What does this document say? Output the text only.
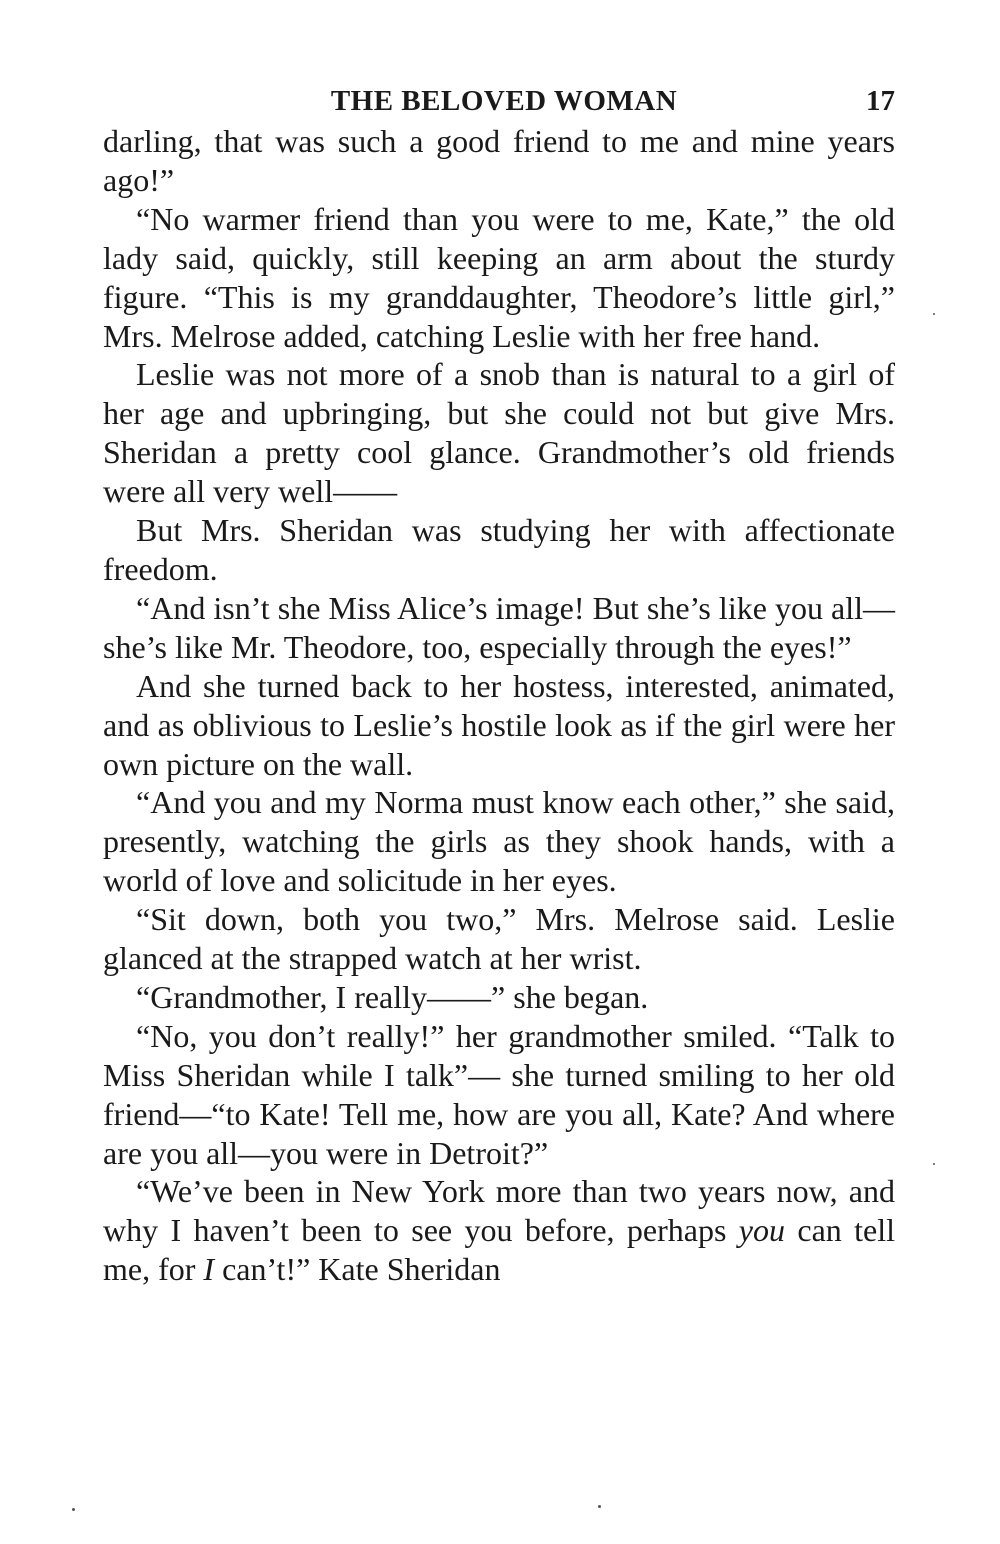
THE BELOVED WOMAN	17

darling, that was such a good friend to me and mine years ago!”

“No warmer friend than you were to me, Kate,” the old lady said, quickly, still keeping an arm about the sturdy figure. “This is my granddaughter, Theodore’s little girl,” Mrs. Melrose added, catching Leslie with her free hand.

Leslie was not more of a snob than is natural to a girl of her age and upbringing, but she could not but give Mrs. Sheridan a pretty cool glance. Grandmother’s old friends were all very well——

But Mrs. Sheridan was studying her with affectionate freedom.

“And isn’t she Miss Alice’s image! But she’s like you all—she’s like Mr. Theodore, too, especially through the eyes!”

And she turned back to her hostess, interested, animated, and as oblivious to Leslie’s hostile look as if the girl were her own picture on the wall.

“And you and my Norma must know each other,” she said, presently, watching the girls as they shook hands, with a world of love and solicitude in her eyes.

“Sit down, both you two,” Mrs. Melrose said. Leslie glanced at the strapped watch at her wrist.

“Grandmother, I really——” she began.

“No, you don’t really!” her grandmother smiled. “Talk to Miss Sheridan while I talk”— she turned smiling to her old friend—“to Kate! Tell me, how are you all, Kate? And where are you all—you were in Detroit?”

“We’ve been in New York more than two years now, and why I haven’t been to see you before, perhaps you can tell me, for I can’t!” Kate Sheridan
